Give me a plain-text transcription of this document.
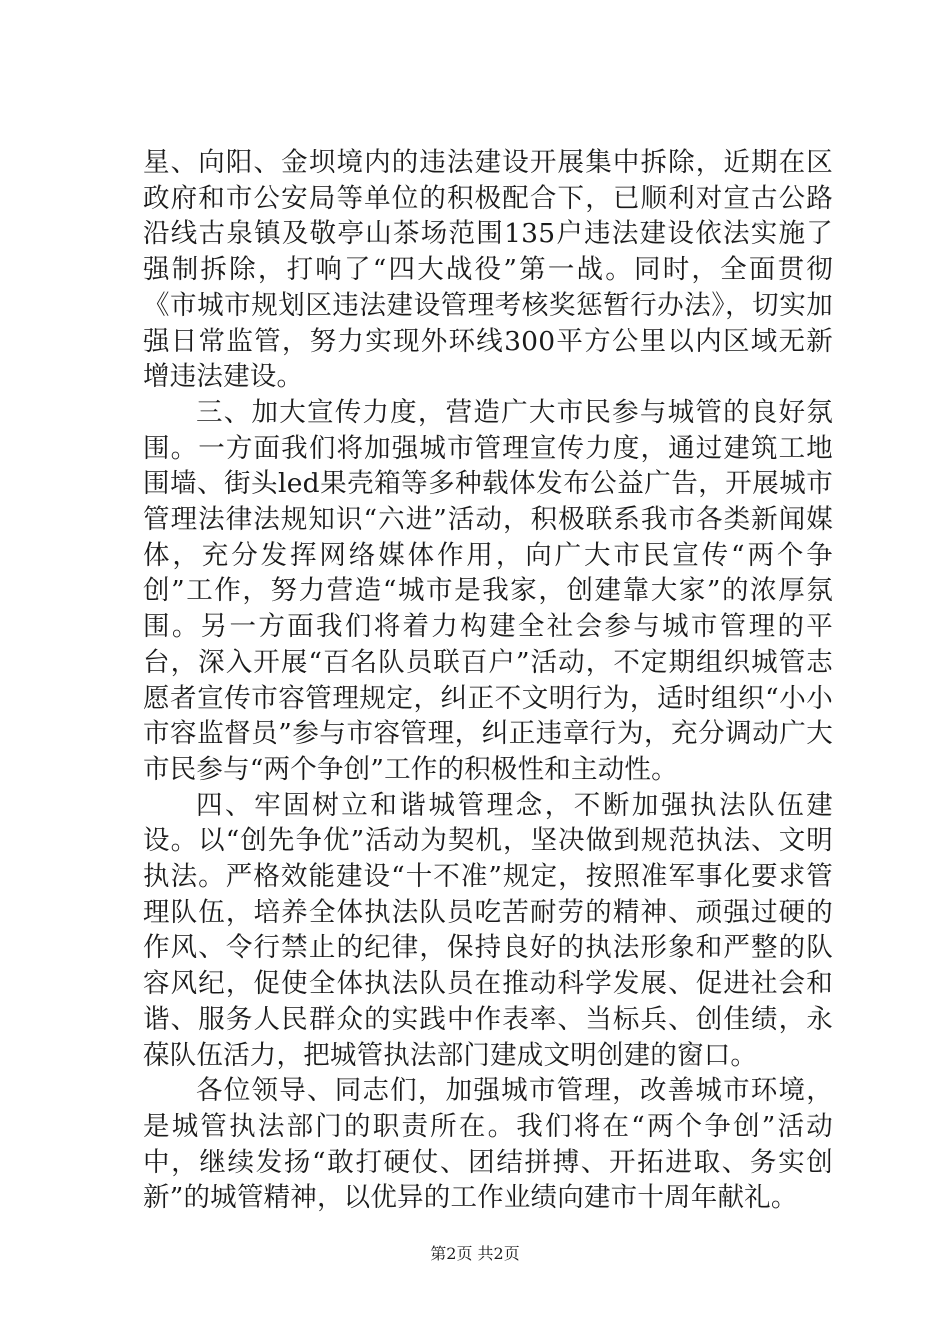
星、向阳、金坝境内的违法建设开展集中拆除，近期在区政府和市公安局等单位的积极配合下，已顺利对宣古公路沿线古泉镇及敬亭山茶场范围135户违法建设依法实施了强制拆除，打响了“四大战役”第一战。同时，全面贯彻《市城市规划区违法建设管理考核奖惩暂行办法》，切实加强日常监管，努力实现外环线300平方公里以内区域无新增违法建设。

三、加大宣传力度，营造广大市民参与城管的良好氛围。一方面我们将加强城市管理宣传力度，通过建筑工地围墙、街头led果壳箱等多种载体发布公益广告，开展城市管理法律法规知识“六进”活动，积极联系我市各类新闻媒体，充分发挥网络媒体作用，向广大市民宣传“两个争创”工作，努力营造“城市是我家，创建靠大家”的浓厚氛围。另一方面我们将着力构建全社会参与城市管理的平台，深入开展“百名队员联百户”活动，不定期组织城管志愿者宣传市容管理规定，纠正不文明行为，适时组织“小小市容监督员”参与市容管理，纠正违章行为，充分调动广大市民参与“两个争创”工作的积极性和主动性。

四、牢固树立和谐城管理念，不断加强执法队伍建设。以“创先争优”活动为契机，坚决做到规范执法、文明执法。严格效能建设“十不准”规定，按照准军事化要求管理队伍，培养全体执法队员吃苦耐劳的精神、顽强过硬的作风、令行禁止的纪律，保持良好的执法形象和严整的队容风纪，促使全体执法队员在推动科学发展、促进社会和谐、服务人民群众的实践中作表率、当标兵、创佳绩，永葆队伍活力，把城管执法部门建成文明创建的窗口。

各位领导、同志们，加强城市管理，改善城市环境，是城管执法部门的职责所在。我们将在“两个争创”活动中，继续发扬“敢打硬仗、团结拼搏、开拓进取、务实创新”的城管精神，以优异的工作业绩向建市十周年献礼。

第2页 共2页
